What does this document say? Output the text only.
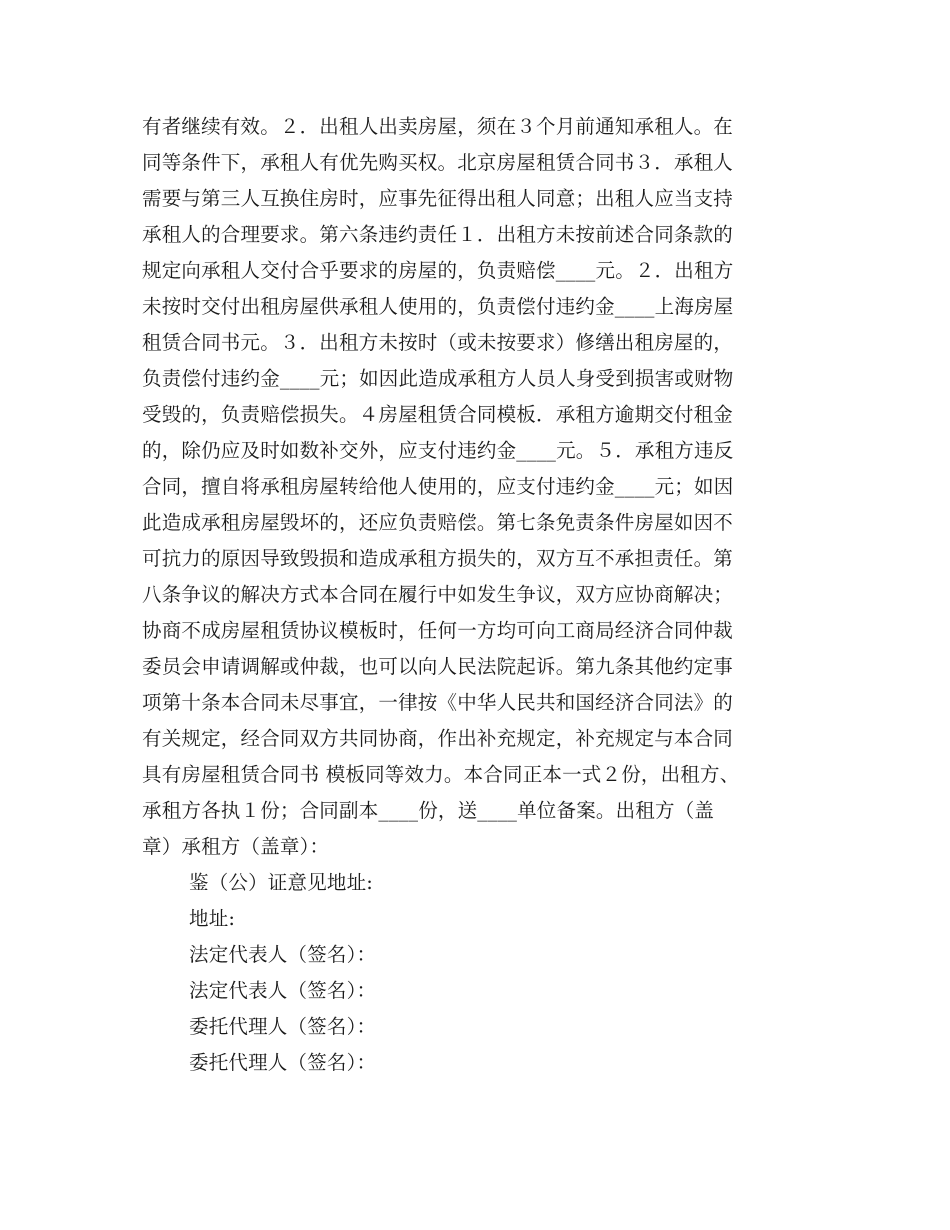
有者继续有效。２．出租人出卖房屋，须在３个月前通知承租人。在
同等条件下，承租人有优先购买权。北京房屋租赁合同书３．承租人
需要与第三人互换住房时，应事先征得出租人同意；出租人应当支持
承租人的合理要求。第六条违约责任１．出租方未按前述合同条款的
规定向承租人交付合乎要求的房屋的，负责赔偿____元。２．出租方
未按时交付出租房屋供承租人使用的，负责偿付违约金____上海房屋
租赁合同书元。３．出租方未按时（或未按要求）修缮出租房屋的，
负责偿付违约金____元；如因此造成承租方人员人身受到损害或财物
受毁的，负责赔偿损失。４房屋租赁合同模板．承租方逾期交付租金
的，除仍应及时如数补交外，应支付违约金____元。５．承租方违反
合同，擅自将承租房屋转给他人使用的，应支付违约金____元；如因
此造成承租房屋毁坏的，还应负责赔偿。第七条免责条件房屋如因不
可抗力的原因导致毁损和造成承租方损失的，双方互不承担责任。第
八条争议的解决方式本合同在履行中如发生争议，双方应协商解决；
协商不成房屋租赁协议模板时，任何一方均可向工商局经济合同仲裁
委员会申请调解或仲裁，也可以向人民法院起诉。第九条其他约定事
项第十条本合同未尽事宜，一律按《中华人民共和国经济合同法》的
有关规定，经合同双方共同协商，作出补充规定，补充规定与本合同
具有房屋租赁合同书 模板同等效力。本合同正本一式２份，出租方、
承租方各执１份；合同副本____份，送____单位备案。出租方（盖
章）承租方（盖章）：
鉴（公）证意见地址:
地址:
法定代表人（签名）：
法定代表人（签名）：
委托代理人（签名）：
委托代理人（签名）：
